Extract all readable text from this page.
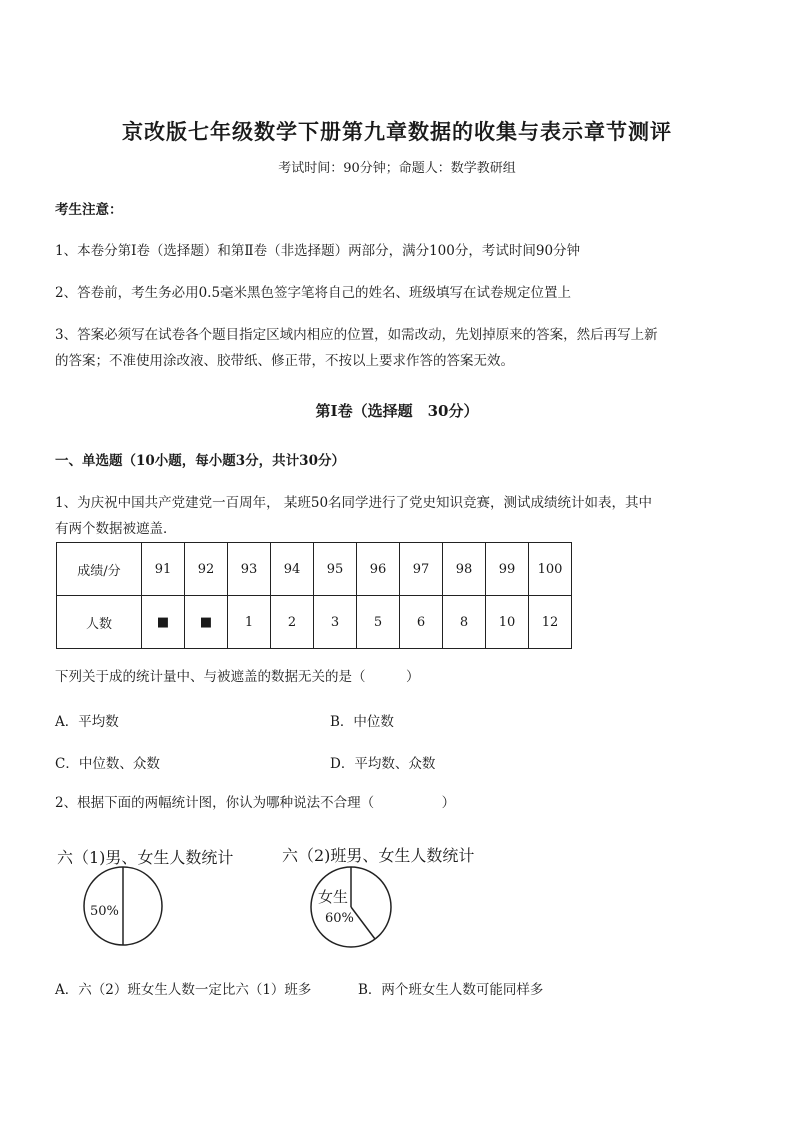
京改版七年级数学下册第九章数据的收集与表示章节测评
考试时间：90分钟；命题人：数学教研组
考生注意：
1、本卷分第Ⅰ卷（选择题）和第Ⅱ卷（非选择题）两部分，满分100分，考试时间90分钟
2、答卷前，考生务必用0.5毫米黑色签字笔将自己的姓名、班级填写在试卷规定位置上
3、答案必须写在试卷各个题目指定区域内相应的位置，如需改动，先划掉原来的答案，然后再写上新
的答案；不准使用涂改液、胶带纸、修正带，不按以上要求作答的答案无效。
第Ⅰ卷（选择题　30分）
一、单选题（10小题，每小题3分，共计30分）
1、为庆祝中国共产党建党一百周年， 某班50名同学进行了党史知识竞赛，测试成绩统计如表，其中
有两个数据被遮盖．
成绩/分	91	92	93	94	95	96	97	98	99	100
人数	■	■	1	2	3	5	6	8	10	12
下列关于成的统计量中、与被遮盖的数据无关的是（　　　）
A．平均数	B．中位数
C．中位数、众数	D．平均数、众数
2、根据下面的两幅统计图，你认为哪种说法不合理（　　　　　）
六（1)男、女生人数统计
50%
六（2)班男、女生人数统计
女生
60%
A．六（2）班女生人数一定比六（1）班多	B．两个班女生人数可能同样多
